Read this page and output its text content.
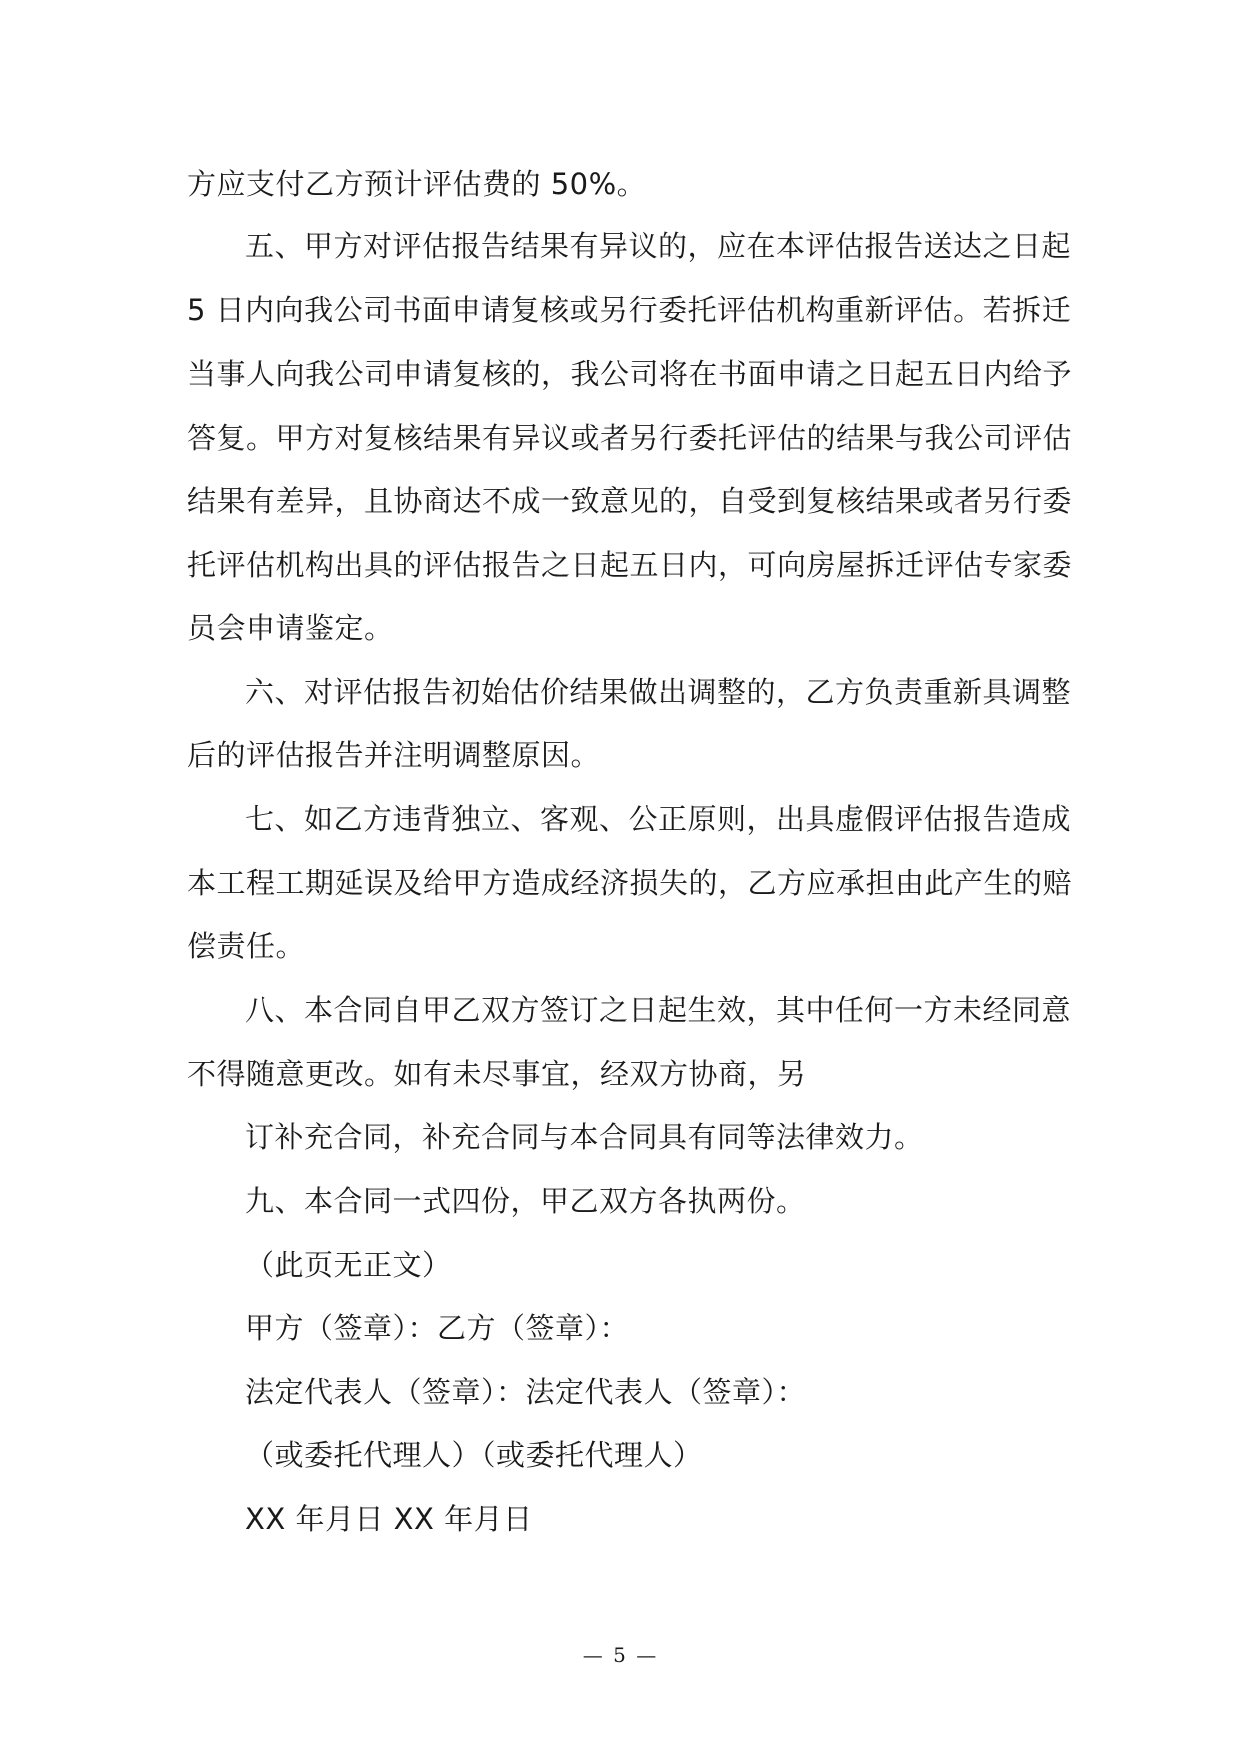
方应支付乙方预计评估费的 50%。
五、甲方对评估报告结果有异议的，应在本评估报告送达之日起
5 日内向我公司书面申请复核或另行委托评估机构重新评估。若拆迁
当事人向我公司申请复核的，我公司将在书面申请之日起五日内给予
答复。甲方对复核结果有异议或者另行委托评估的结果与我公司评估
结果有差异，且协商达不成一致意见的，自受到复核结果或者另行委
托评估机构出具的评估报告之日起五日内，可向房屋拆迁评估专家委
员会申请鉴定。
六、对评估报告初始估价结果做出调整的，乙方负责重新具调整
后的评估报告并注明调整原因。
七、如乙方违背独立、客观、公正原则，出具虚假评估报告造成
本工程工期延误及给甲方造成经济损失的，乙方应承担由此产生的赔
偿责任。
八、本合同自甲乙双方签订之日起生效，其中任何一方未经同意
不得随意更改。如有未尽事宜，经双方协商，另
订补充合同，补充合同与本合同具有同等法律效力。
九、本合同一式四份，甲乙双方各执两份。
（此页无正文）
甲方（签章）：乙方（签章）：
法定代表人（签章）：法定代表人（签章）：
（或委托代理人）（或委托代理人）
XX 年月日 XX 年月日
— 5 —
